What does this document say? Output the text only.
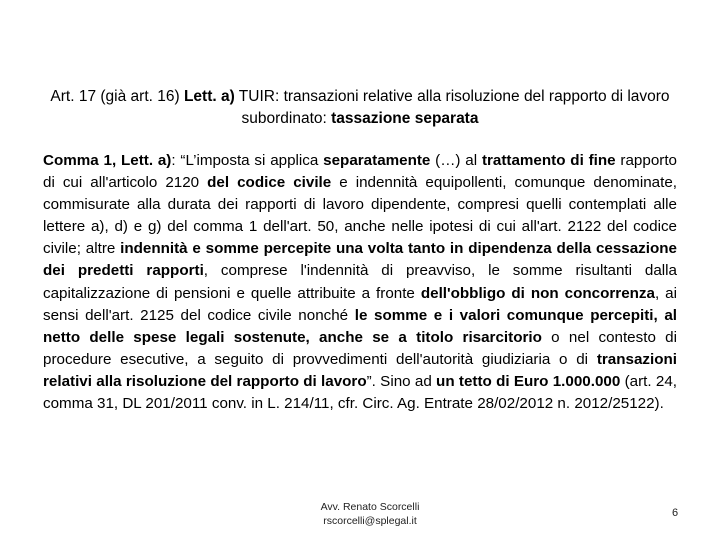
Art. 17 (già art. 16) Lett. a) TUIR: transazioni relative alla risoluzione del rapporto di lavoro subordinato: tassazione separata
Comma 1, Lett. a): “L’imposta si applica separatamente (…) al trattamento di fine rapporto di cui all'articolo 2120 del codice civile e indennità equipollenti, comunque denominate, commisurate alla durata dei rapporti di lavoro dipendente, compresi quelli contemplati alle lettere a), d) e g) del comma 1 dell'art. 50, anche nelle ipotesi di cui all'art. 2122 del codice civile; altre indennità e somme percepite una volta tanto in dipendenza della cessazione dei predetti rapporti, comprese l'indennità di preavviso, le somme risultanti dalla capitalizzazione di pensioni e quelle attribuite a fronte dell'obbligo di non concorrenza, ai sensi dell'art. 2125 del codice civile nonché le somme e i valori comunque percepiti, al netto delle spese legali sostenute, anche se a titolo risarcitorio o nel contesto di procedure esecutive, a seguito di provvedimenti dell'autorità giudiziaria o di transazioni relativi alla risoluzione del rapporto di lavoro”. Sino ad un tetto di Euro 1.000.000 (art. 24, comma 31, DL 201/2011 conv. in L. 214/11, cfr. Circ. Ag. Entrate 28/02/2012 n. 2012/25122).
Avv. Renato Scorcelli
rscorcelli@splegal.it
6
